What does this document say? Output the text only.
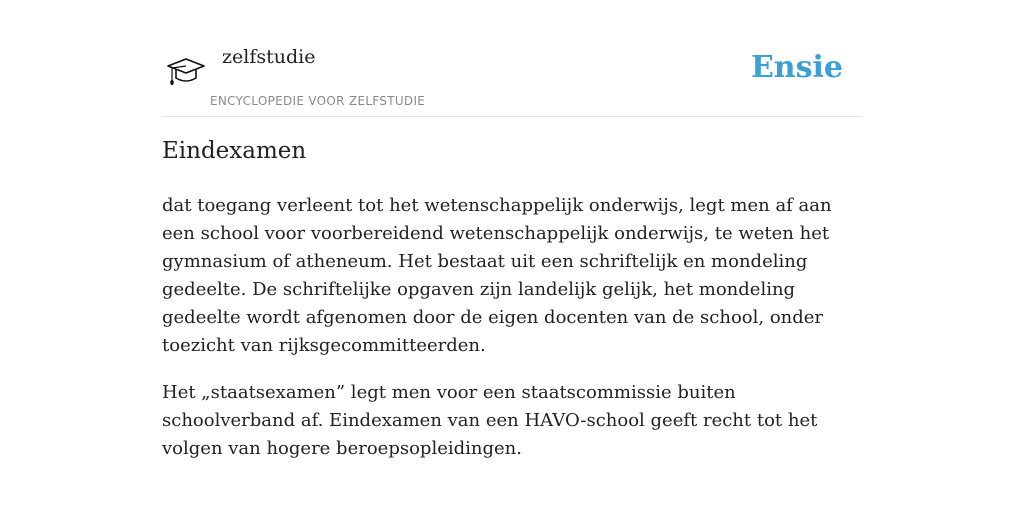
zelfstudie
ENCYCLOPEDIE VOOR ZELFSTUDIE
Ensie
Eindexamen

dat toegang verleent tot het wetenschappelijk onderwijs, legt men af aan een school voor voorbereidend wetenschappelijk onderwijs, te weten het gymnasium of atheneum. Het bestaat uit een schriftelijk en mondeling gedeelte. De schriftelijke opgaven zijn landelijk gelijk, het mondeling gedeelte wordt afgenomen door de eigen docenten van de school, onder toezicht van rijksgecommitteerden.

Het „staatsexamen” legt men voor een staatscommissie buiten schoolverband af. Eindexamen van een HAVO-school geeft recht tot het volgen van hogere beroepsopleidingen.
